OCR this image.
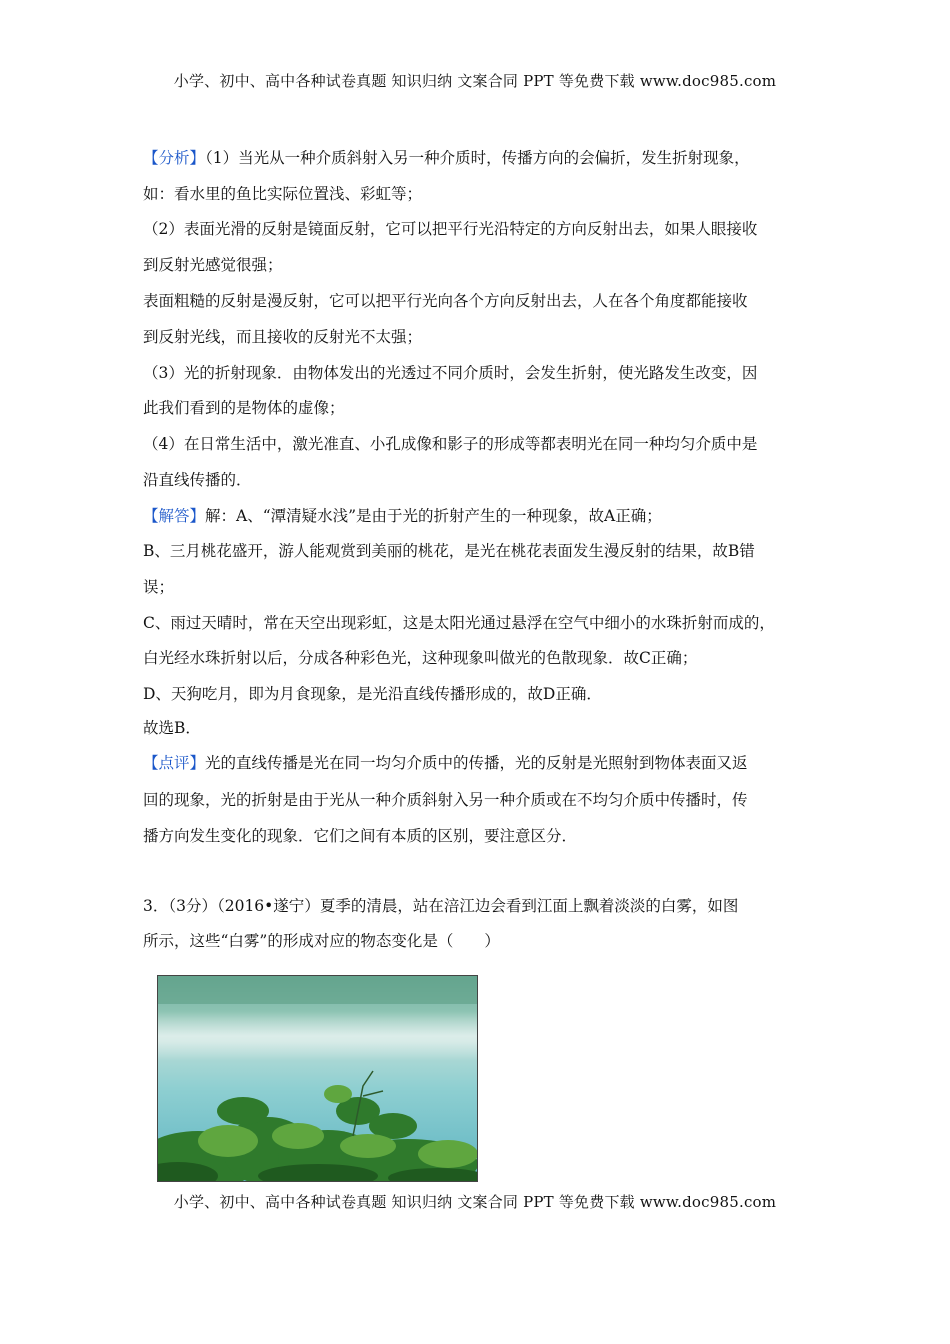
小学、初中、高中各种试卷真题 知识归纳 文案合同 PPT 等免费下载 www.doc985.com
【分析】（1）当光从一种介质斜射入另一种介质时，传播方向的会偏折，发生折射现象，
如：看水里的鱼比实际位置浅、彩虹等；
（2）表面光滑的反射是镜面反射，它可以把平行光沿特定的方向反射出去，如果人眼接收
到反射光感觉很强；
表面粗糙的反射是漫反射，它可以把平行光向各个方向反射出去，人在各个角度都能接收
到反射光线，而且接收的反射光不太强；
（3）光的折射现象．由物体发出的光透过不同介质时，会发生折射，使光路发生改变，因
此我们看到的是物体的虚像；
（4）在日常生活中，激光准直、小孔成像和影子的形成等都表明光在同一种均匀介质中是
沿直线传播的．
【解答】解：A、“潭清疑水浅”是由于光的折射产生的一种现象，故A正确；
B、三月桃花盛开，游人能观赏到美丽的桃花，是光在桃花表面发生漫反射的结果，故B错
误；
C、雨过天晴时，常在天空出现彩虹，这是太阳光通过悬浮在空气中细小的水珠折射而成的，
白光经水珠折射以后，分成各种彩色光，这种现象叫做光的色散现象．故C正确；
D、天狗吃月，即为月食现象，是光沿直线传播形成的，故D正确．
故选B．
【点评】光的直线传播是光在同一均匀介质中的传播，光的反射是光照射到物体表面又返
回的现象，光的折射是由于光从一种介质斜射入另一种介质或在不均匀介质中传播时，传
播方向发生变化的现象．它们之间有本质的区别，要注意区分．
3．（3分）（2016•遂宁）夏季的清晨，站在涪江边会看到江面上飘着淡淡的白雾，如图
所示，这些“白雾”的形成对应的物态变化是（　　）
小学、初中、高中各种试卷真题 知识归纳 文案合同 PPT 等免费下载 www.doc985.com
